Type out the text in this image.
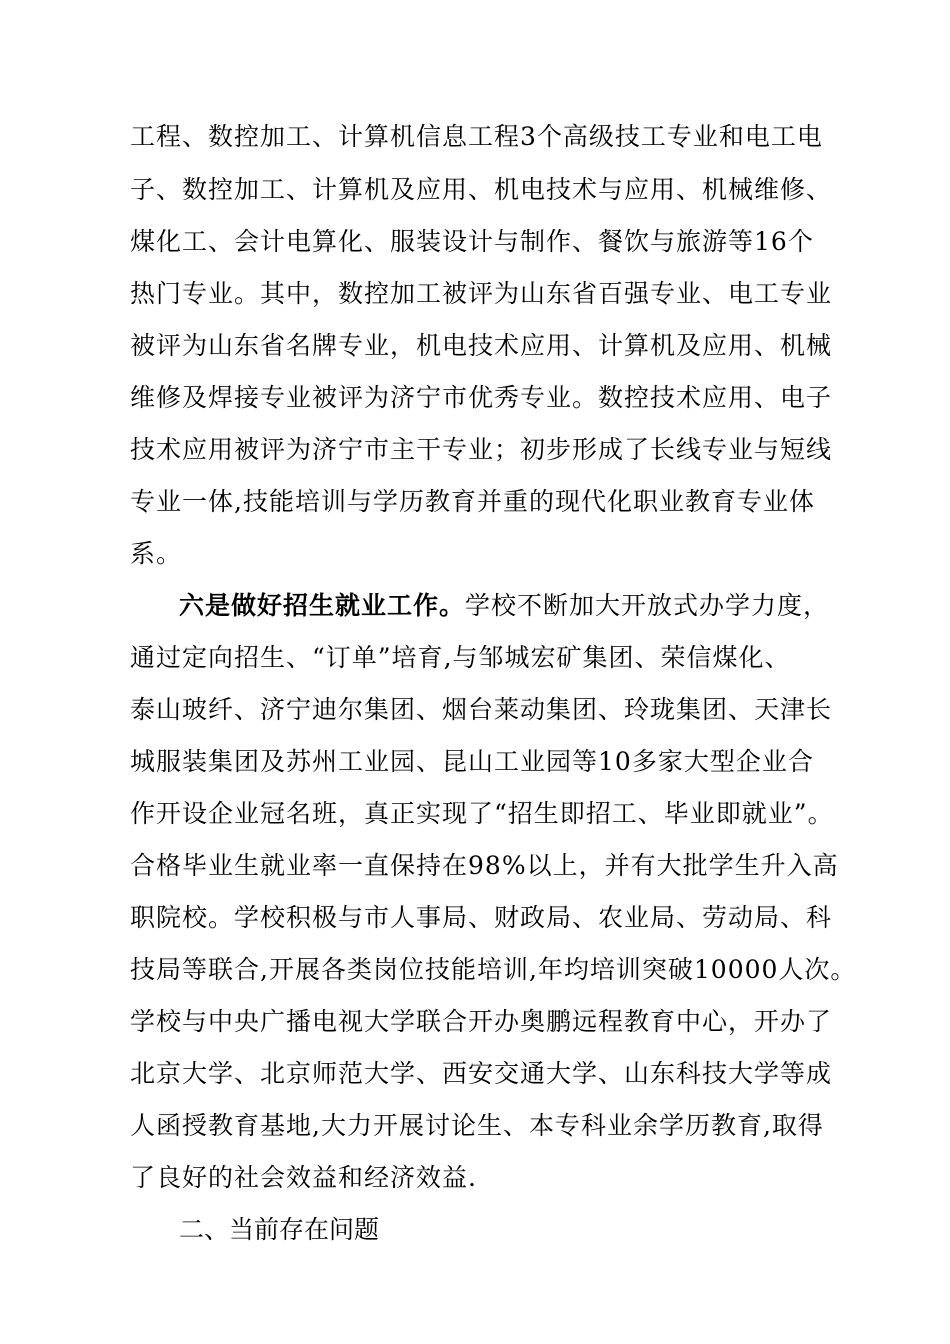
工程、数控加工、计算机信息工程3个高级技工专业和电工电
子、数控加工、计算机及应用、机电技术与应用、机械维修、
煤化工、会计电算化、服装设计与制作、餐饮与旅游等16个
热门专业。其中，数控加工被评为山东省百强专业、电工专业
被评为山东省名牌专业，机电技术应用、计算机及应用、机械
维修及焊接专业被评为济宁市优秀专业。数控技术应用、电子
技术应用被评为济宁市主干专业；初步形成了长线专业与短线
专业一体,技能培训与学历教育并重的现代化职业教育专业体
系。
六是做好招生就业工作。学校不断加大开放式办学力度，
通过定向招生、“订单”培育,与邹城宏矿集团、荣信煤化、
泰山玻纤、济宁迪尔集团、烟台莱动集团、玲珑集团、天津长
城服装集团及苏州工业园、昆山工业园等10多家大型企业合
作开设企业冠名班，真正实现了“招生即招工、毕业即就业”。
合格毕业生就业率一直保持在98%以上，并有大批学生升入高
职院校。学校积极与市人事局、财政局、农业局、劳动局、科
技局等联合,开展各类岗位技能培训,年均培训突破10000人次。
学校与中央广播电视大学联合开办奥鹏远程教育中心，开办了
北京大学、北京师范大学、西安交通大学、山东科技大学等成
人函授教育基地,大力开展讨论生、本专科业余学历教育,取得
了良好的社会效益和经济效益.
二、当前存在问题
